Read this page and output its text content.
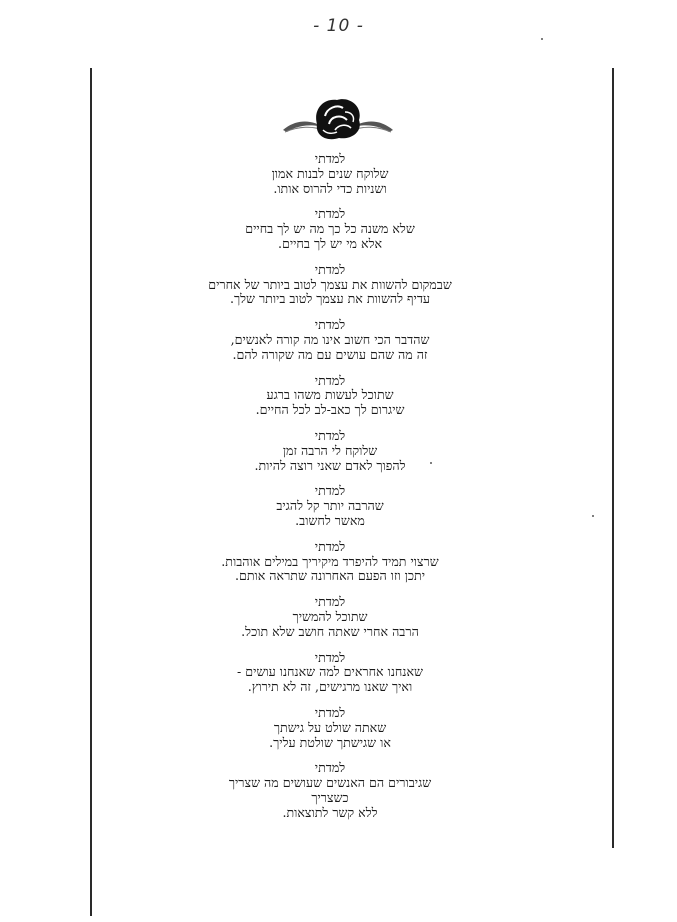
- 10 -
למדתי
שלוקח שנים לבנות אמון
ושניות כדי להרוס אותו.
למדתי
שלא משנה כל כך מה יש לך בחיים
אלא מי יש לך בחיים.
למדתי
שבמקום להשוות את עצמך לטוב ביותר של אחרים
עדיף להשוות את עצמך לטוב ביותר שלך.
למדתי
שהדבר הכי חשוב אינו מה קורה לאנשים,
זה מה שהם עושים עם מה שקורה להם.
למדתי
שתוכל לעשות משהו ברגע
שיגרום לך כאב-לב לכל החיים.
למדתי
שלוקח לי הרבה זמן
להפוך לאדם שאני רוצה להיות.
למדתי
שהרבה יותר קל להגיב
מאשר לחשוב.
למדתי
שרצוי תמיד להיפרד מיקיריך במילים אוהבות.
יתכן וזו הפעם האחרונה שתראה אותם.
למדתי
שתוכל להמשיך
הרבה אחרי שאתה חושב שלא תוכל.
למדתי
שאנחנו אחראים למה שאנחנו עושים -
ואיך שאנו מרגישים, זה לא תירוץ.
למדתי
שאתה שולט על גישתך
או שגישתך שולטת עליך.
למדתי
שגיבורים הם האנשים שעושים מה שצריך
כשצריך
ללא קשר לתוצאות.
